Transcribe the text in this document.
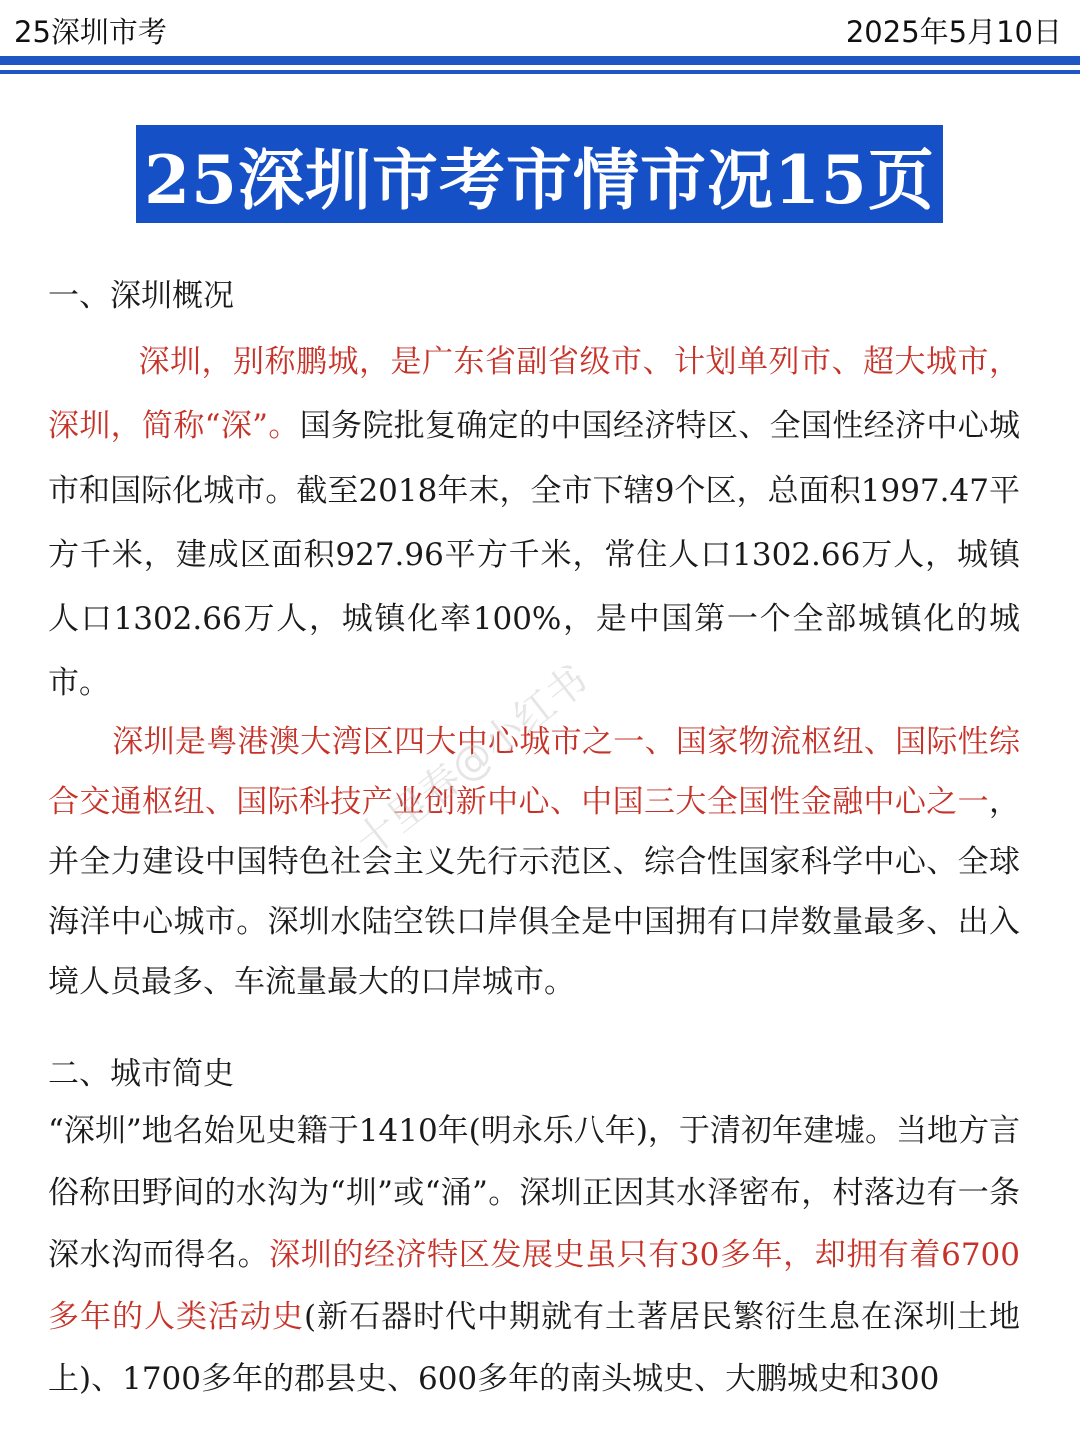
25深圳市考	2025年5月10日
25深圳市考市情市况15页
一、深圳概况
深圳，别称鹏城，是广东省副省级市、计划单列市、超大城市，深圳，简称“深”。国务院批复确定的中国经济特区、全国性经济中心城市和国际化城市。截至2018年末，全市下辖9个区，总面积1997.47平方千米，建成区面积927.96平方千米，常住人口1302.66万人，城镇人口1302.66万人，城镇化率100%，是中国第一个全部城镇化的城市。
深圳是粤港澳大湾区四大中心城市之一、国家物流枢纽、国际性综合交通枢纽、国际科技产业创新中心、中国三大全国性金融中心之一，并全力建设中国特色社会主义先行示范区、综合性国家科学中心、全球海洋中心城市。深圳水陆空铁口岸俱全是中国拥有口岸数量最多、出入境人员最多、车流量最大的口岸城市。
二、城市简史
“深圳”地名始见史籍于1410年(明永乐八年)，于清初年建墟。当地方言俗称田野间的水沟为“圳”或“涌”。深圳正因其水泽密布，村落边有一条深水沟而得名。深圳的经济特区发展史虽只有30多年，却拥有着6700多年的人类活动史(新石器时代中期就有土著居民繁衍生息在深圳土地上)、1700多年的郡县史、600多年的南头城史、大鹏城史和300
十里春@小红书
